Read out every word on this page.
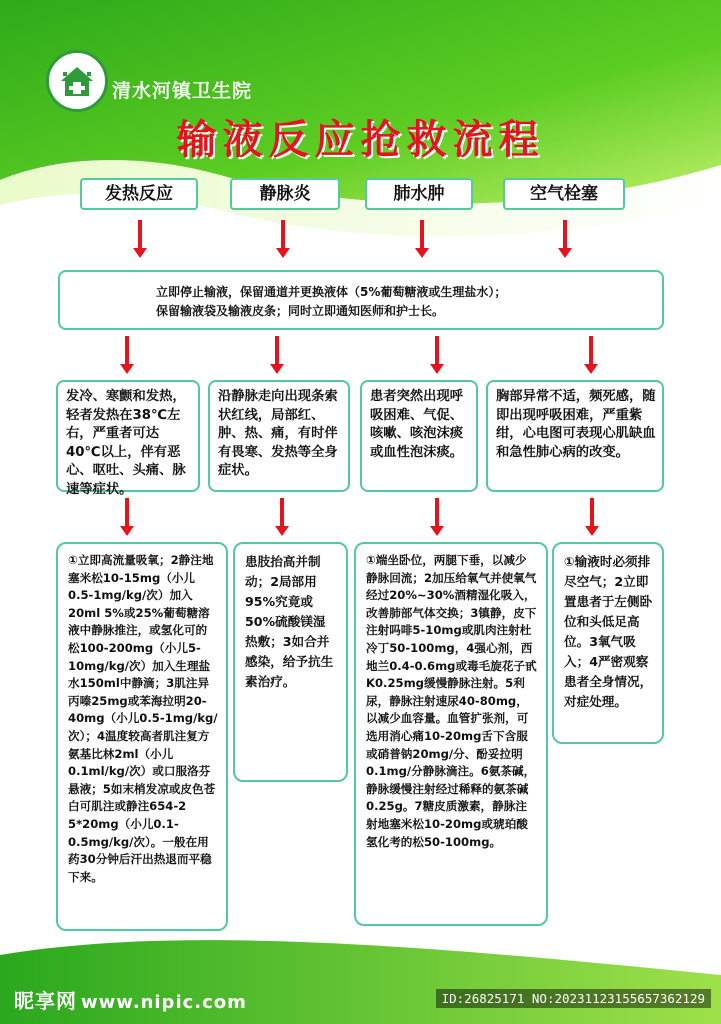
清水河镇卫生院
输液反应抢救流程
发热反应	静脉炎	肺水肿	空气栓塞
立即停止输液，保留通道并更换液体（5%葡萄糖液或生理盐水）；
保留输液袋及输液皮条；同时立即通知医师和护士长。
发冷、寒颤和发热，轻者发热在38℃左右，严重者可达40℃以上，伴有恶心、呕吐、头痛、脉速等症状。
沿静脉走向出现条索状红线，局部红、肿、热、痛，有时伴有畏寒、发热等全身症状。
患者突然出现呼吸困难、气促、咳嗽、咳泡沫痰或血性泡沫痰。
胸部异常不适，频死感，随即出现呼吸困难，严重紫绀，心电图可表现心肌缺血和急性肺心病的改变。
①立即高流量吸氧；2静注地塞米松10-15mg（小儿0.5-1mg/kg/次）加入20ml 5%或25%葡萄糖溶液中静脉推注，或氢化可的松100-200mg（小儿5-10mg/kg/次）加入生理盐水150ml中静滴；3肌注异丙嗪25mg或苯海拉明20-40mg（小儿0.5-1mg/kg/次）；4温度较高者肌注复方氨基比林2ml（小儿0.1ml/kg/次）或口服洛芬悬液；5如末梢发凉或皮色苍白可肌注或静注654-2 5*20mg（小儿0.1-0.5mg/kg/次）。一般在用药30分钟后汗出热退而平稳下来。
患肢抬高并制动；2局部用95%究竟或50%硫酸镁湿热敷；3如合并感染，给予抗生素治疗。
①端坐卧位，两腿下垂，以减少静脉回流；2加压给氧气并使氧气经过20%~30%酒精湿化吸入，改善肺部气体交换；3镇静，皮下注射吗啡5-10mg或肌肉注射杜冷丁50-100mg，4强心剂，西地兰0.4-0.6mg或毒毛旋花子甙K0.25mg缓慢静脉注射。5利尿，静脉注射速尿40-80mg，以减少血容量。血管扩张剂，可选用消心痛10-20mg舌下含服或硝普钠20mg/分、酚妥拉明0.1mg/分静脉滴注。6氨茶碱，静脉缓慢注射经过稀释的氨茶碱0.25g。7糖皮质激素，静脉注射地塞米松10-20mg或琥珀酸氢化考的松50-100mg。
①输液时必须排尽空气；2立即置患者于左侧卧位和头低足高位。3氧气吸入；4严密观察患者全身情况，对症处理。
昵享网 www.nipic.com	ID:26825171 NO:20231123155657362129
